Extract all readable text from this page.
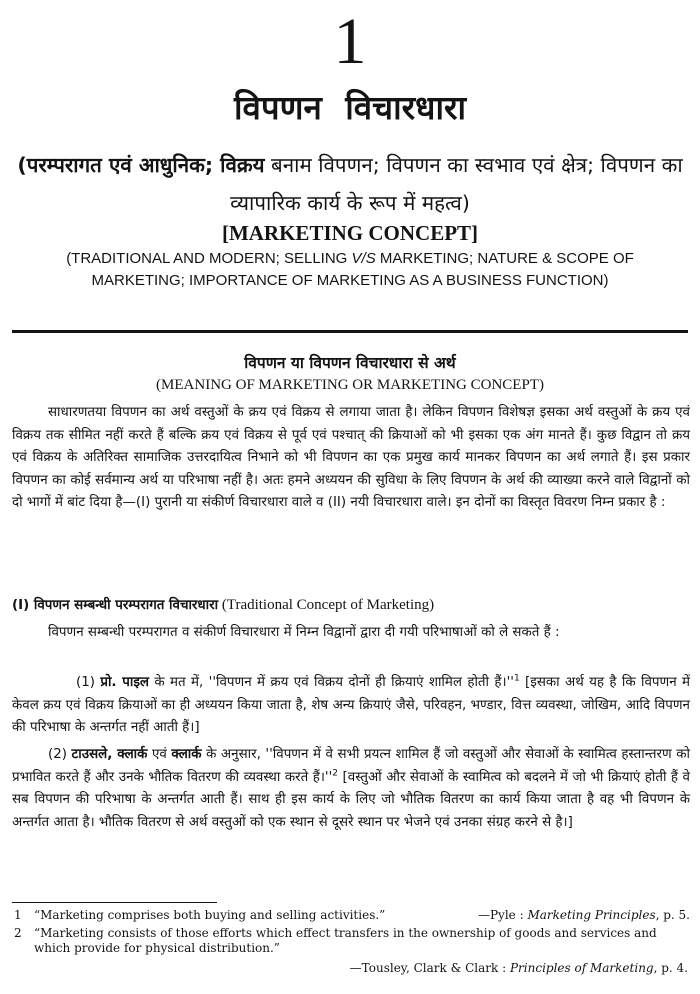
1
विपणन विचारधारा
(परम्परागत एवं आधुनिक; विक्रय बनाम विपणन; विपणन का स्वभाव एवं क्षेत्र; विपणन का व्यापारिक कार्य के रूप में महत्व)
[MARKETING CONCEPT]
(TRADITIONAL AND MODERN; SELLING V/S MARKETING; NATURE & SCOPE OF MARKETING; IMPORTANCE OF MARKETING AS A BUSINESS FUNCTION)
विपणन या विपणन विचारधारा से अर्थ
(MEANING OF MARKETING OR MARKETING CONCEPT)

साधारणतया विपणन का अर्थ वस्तुओं के क्रय एवं विक्रय से लगाया जाता है। लेकिन विपणन विशेषज्ञ इसका अर्थ वस्तुओं के क्रय एवं विक्रय तक सीमित नहीं करते हैं बल्कि क्रय एवं विक्रय से पूर्व एवं पश्चात् की क्रियाओं को भी इसका एक अंग मानते हैं। कुछ विद्वान तो क्रय एवं विक्रय के अतिरिक्त सामाजिक उत्तरदायित्व निभाने को भी विपणन का एक प्रमुख कार्य मानकर विपणन का अर्थ लगाते हैं। इस प्रकार विपणन का कोई सर्वमान्य अर्थ या परिभाषा नहीं है। अतः हमने अध्ययन की सुविधा के लिए विपणन के अर्थ की व्याख्या करने वाले विद्वानों को दो भागों में बांट दिया है—(I) पुरानी या संकीर्ण विचारधारा वाले व (II) नयी विचारधारा वाले। इन दोनों का विस्तृत विवरण निम्न प्रकार है :

(I) विपणन सम्बन्धी परम्परागत विचारधारा (Traditional Concept of Marketing)

विपणन सम्बन्धी परम्परागत व संकीर्ण विचारधारा में निम्न विद्वानों द्वारा दी गयी परिभाषाओं को ले सकते हैं :

(1) प्रो. पाइल के मत में, ''विपणन में क्रय एवं विक्रय दोनों ही क्रियाएं शामिल होती $हैं।''^1$ [इसका अर्थ यह है कि विपणन में केवल क्रय एवं विक्रय क्रियाओं का ही अध्ययन किया जाता है, शेष अन्य क्रियाएं जैसे, परिवहन, भण्डार, वित्त व्यवस्था, जोखिम, आदि विपणन की परिभाषा के अन्तर्गत नहीं आती हैं।]

(2) टाउसले, क्लार्क एवं क्लार्क के अनुसार, ''विपणन में वे सभी प्रयत्न शामिल हैं जो वस्तुओं और सेवाओं के स्वामित्व हस्तान्तरण को प्रभावित करते हैं और उनके भौतिक वितरण की व्यवस्था करते $हैं।''^2$ [वस्तुओं और सेवाओं के स्वामित्व को बदलने में जो भी क्रियाएं होती हैं वे सब विपणन की परिभाषा के अन्तर्गत आती हैं। साथ ही इस कार्य के लिए जो भौतिक वितरण का कार्य किया जाता है वह भी विपणन के अन्तर्गत आता है। भौतिक वितरण से अर्थ वस्तुओं को एक स्थान से दूसरे स्थान पर भेजने एवं उनका संग्रह करने से है।]

1 “Marketing comprises both buying and selling activities.”	—Pyle : Marketing Principles, p. 5.

2 “Marketing consists of those efforts which effect transfers in the ownership of goods and services and which provide for physical distribution.”

—Tousley, Clark & Clark : Principles of Marketing, p. 4.
